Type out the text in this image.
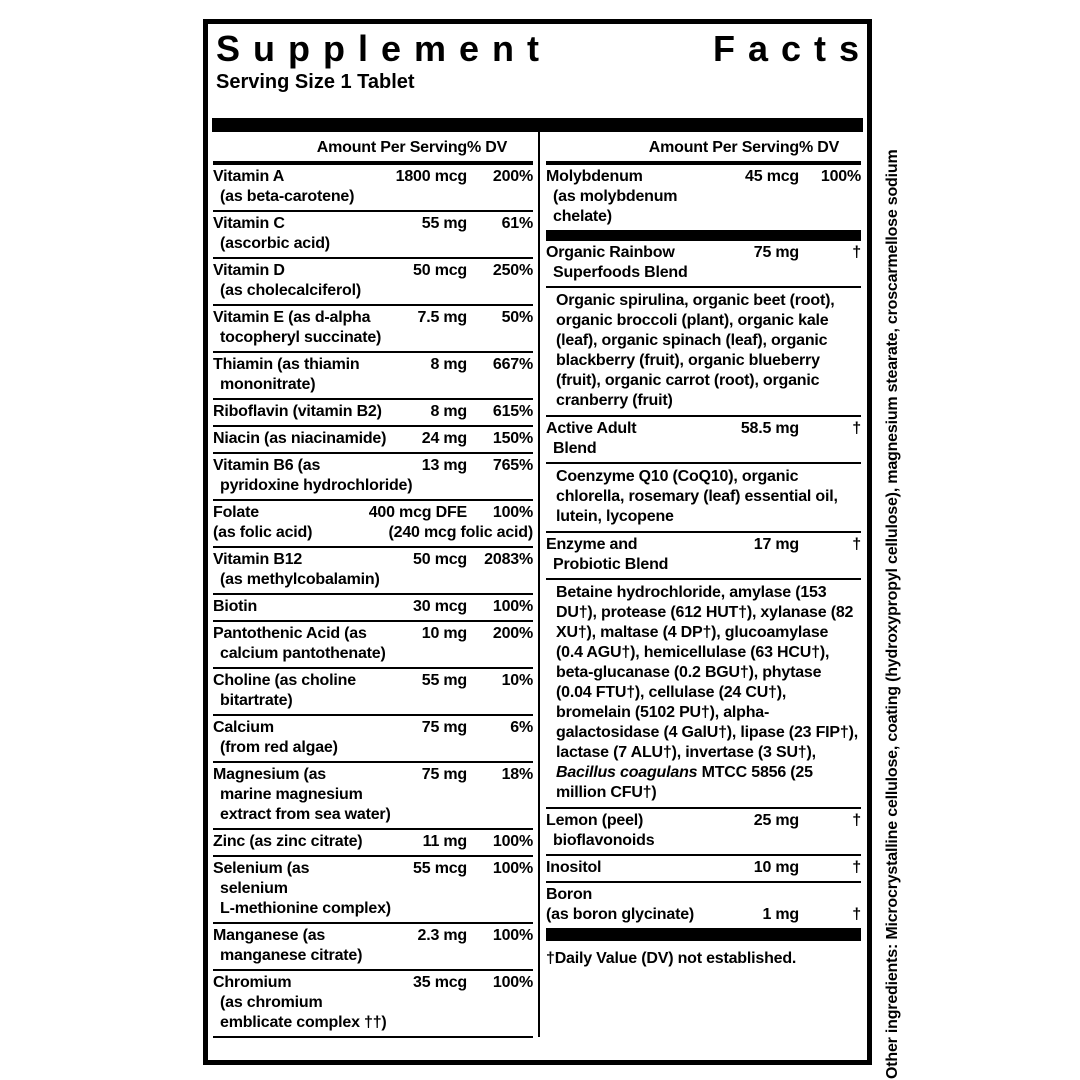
Supplement	Facts
Serving Size 1 Tablet
Amount Per Serving % DV
Vitamin A	1800 mcg	200%
(as beta-carotene)
Vitamin C	55 mg	61%
(ascorbic acid)
Vitamin D	50 mcg	250%
(as cholecalciferol)
Vitamin E (as d-alpha	7.5 mg	50%
tocopheryl succinate)
Thiamin (as thiamin	8 mg	667%
mononitrate)
Riboflavin (vitamin B2)	8 mg	615%
Niacin (as niacinamide)	24 mg	150%
Vitamin B6 (as	13 mg	765%
pyridoxine hydrochloride)
Folate	400 mcg DFE	100%
(as folic acid)	(240 mcg folic acid)
Vitamin B12	50 mcg	2083%
(as methylcobalamin)
Biotin	30 mcg	100%
Pantothenic Acid (as	10 mg	200%
calcium pantothenate)
Choline (as choline	55 mg	10%
bitartrate)
Calcium	75 mg	6%
(from red algae)
Magnesium (as	75 mg	18%
marine magnesium
extract from sea water)
Zinc (as zinc citrate)	11 mg	100%
Selenium (as	55 mcg	100%
selenium
L-methionine complex)
Manganese (as	2.3 mg	100%
manganese citrate)
Chromium	35 mcg	100%
(as chromium
emblicate complex ††)
Amount Per Serving % DV
Molybdenum	45 mcg	100%
(as molybdenum
chelate)
Organic Rainbow	75 mg	†
Superfoods Blend
Organic spirulina, organic beet (root), organic broccoli (plant), organic kale (leaf), organic spinach (leaf), organic blackberry (fruit), organic blueberry (fruit), organic carrot (root), organic cranberry (fruit)
Active Adult	58.5 mg	†
Blend
Coenzyme Q10 (CoQ10), organic chlorella, rosemary (leaf) essential oil, lutein, lycopene
Enzyme and	17 mg	†
Probiotic Blend
Betaine hydrochloride, amylase (153 DU†), protease (612 HUT†), xylanase (82 XU†), maltase (4 DP†), glucoamylase (0.4 AGU†), hemicellulase (63 HCU†), beta-glucanase (0.2 BGU†), phytase (0.04 FTU†), cellulase (24 CU†), bromelain (5102 PU†), alpha-galactosidase (4 GalU†), lipase (23 FIP†), lactase (7 ALU†), invertase (3 SU†), Bacillus coagulans MTCC 5856 (25 million CFU†)
Lemon (peel)	25 mg	†
bioflavonoids
Inositol	10 mg	†
Boron
(as boron glycinate)	1 mg	†
†Daily Value (DV) not established.	Other ingredients: Microcrystalline cellulose, coating (hydroxypropyl cellulose), magnesium stearate, croscarmellose sodium
